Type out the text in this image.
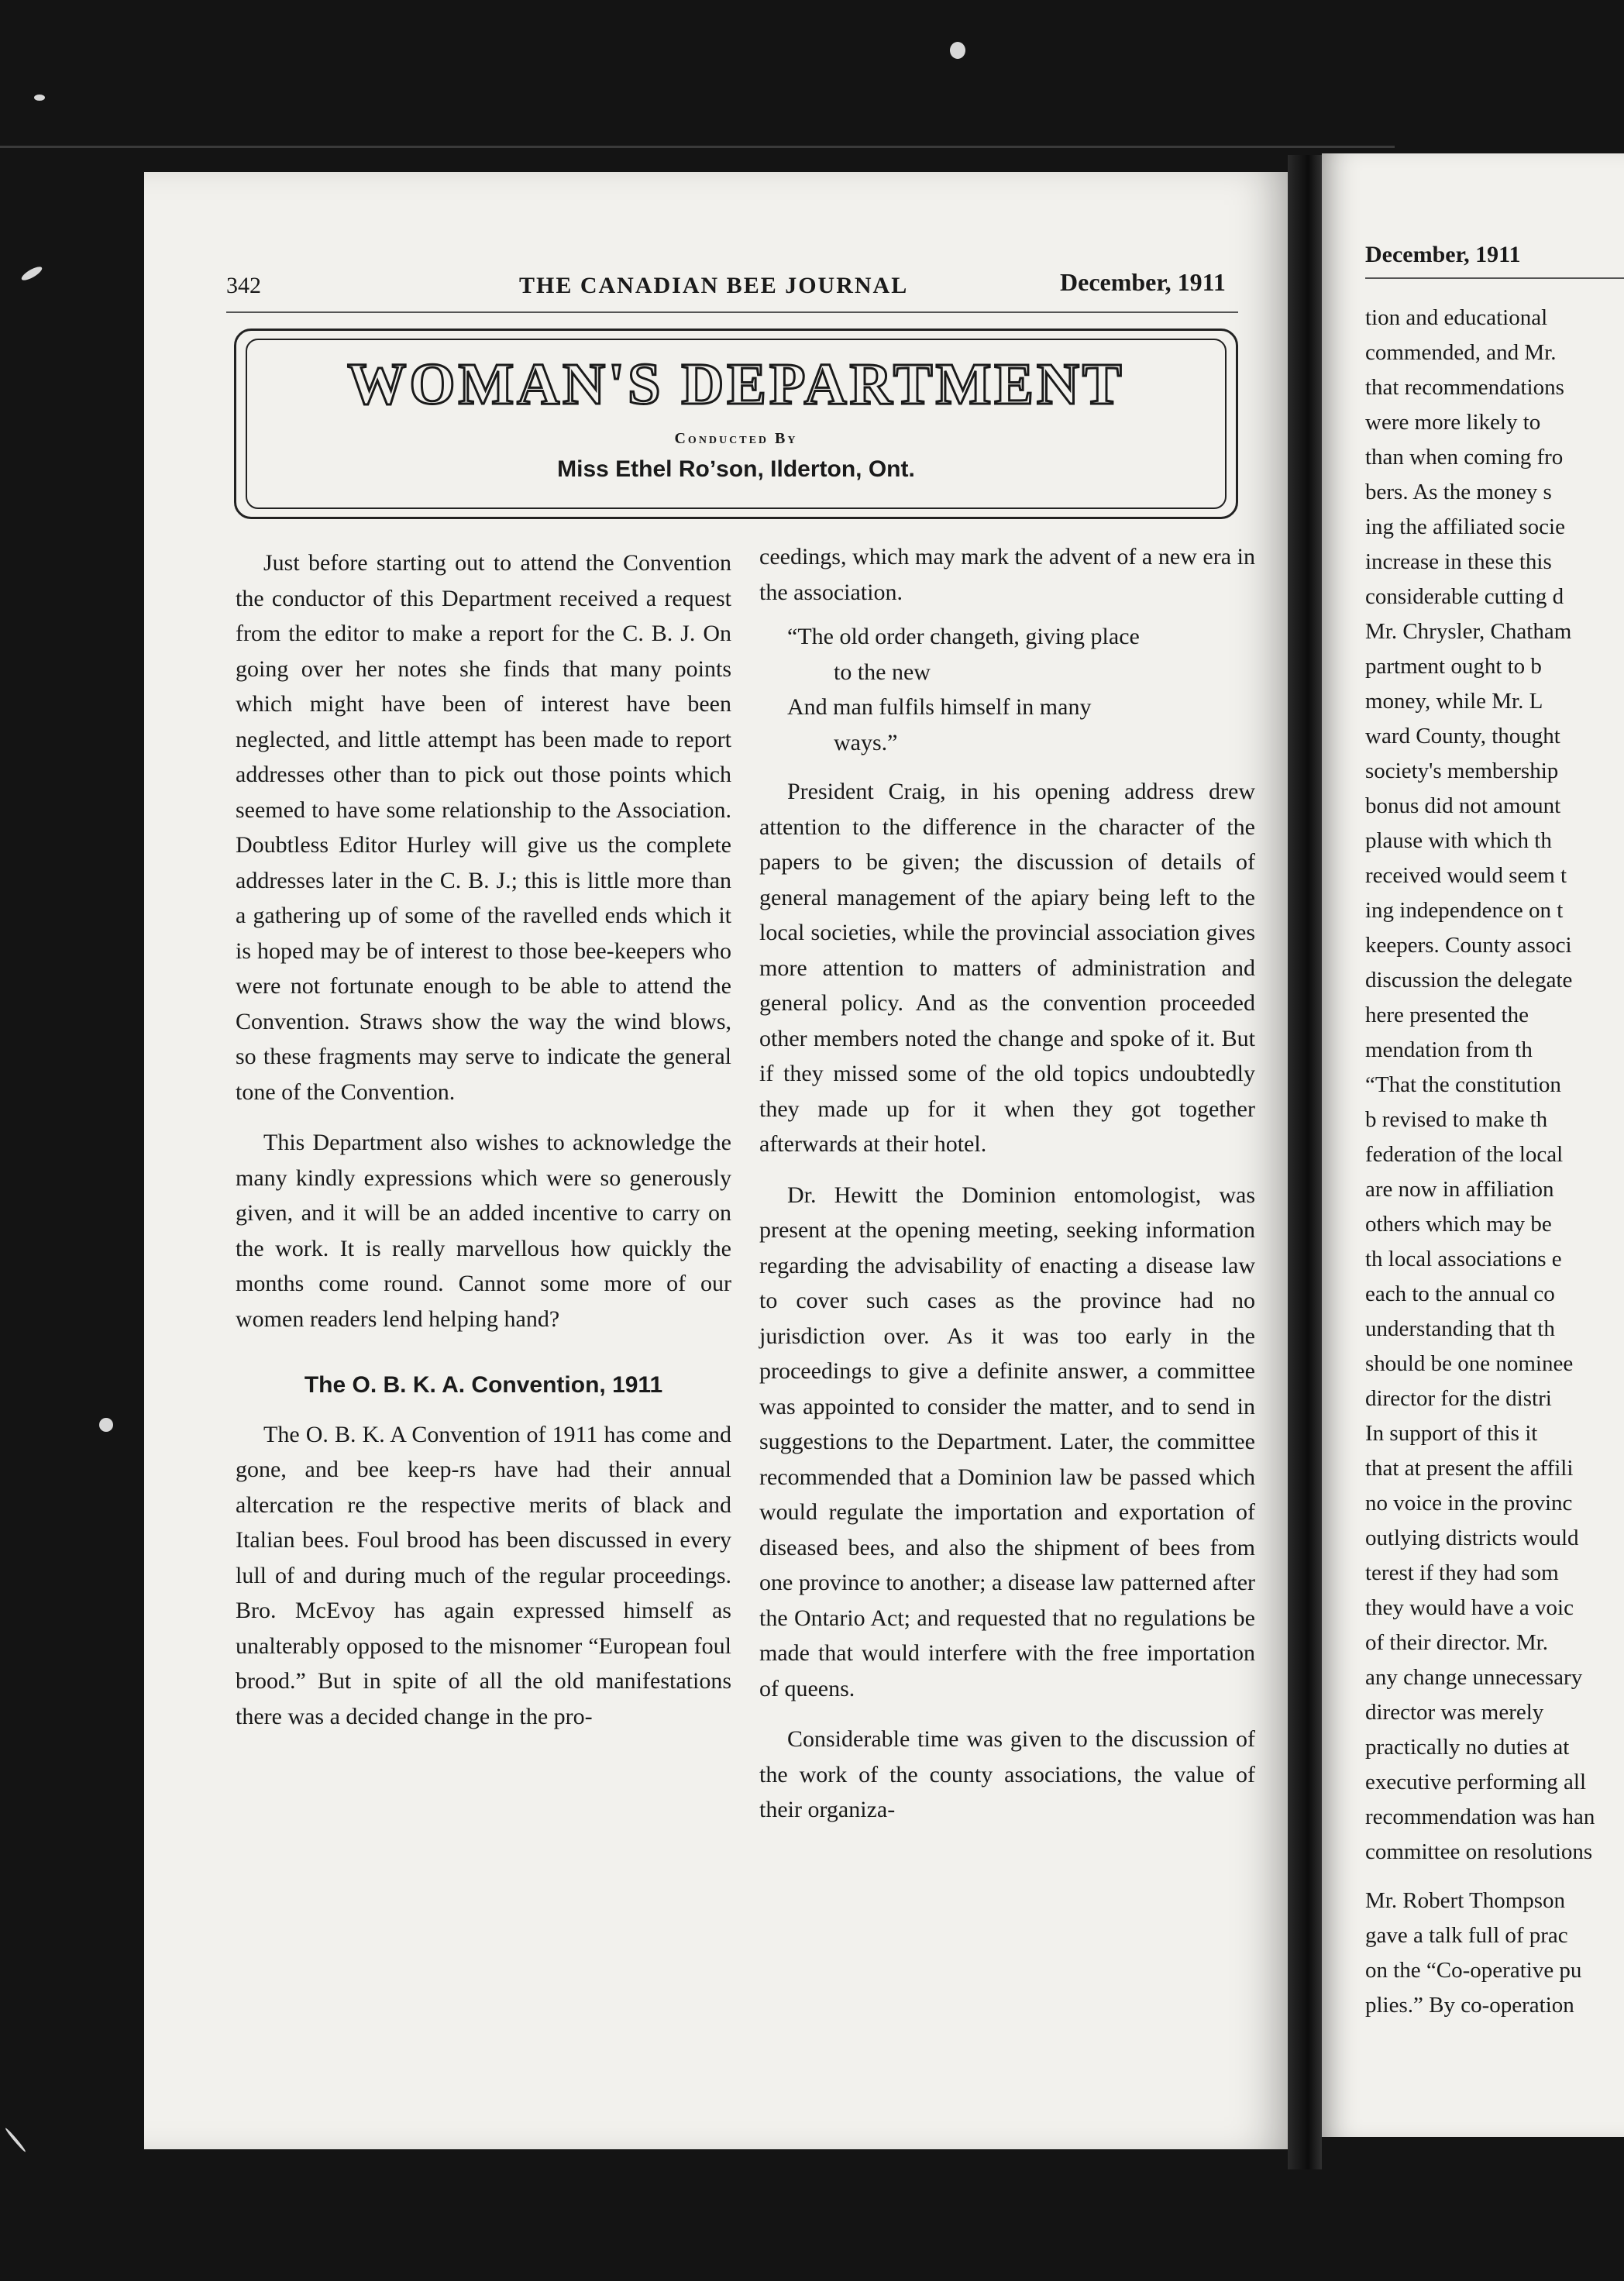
342	THE CANADIAN BEE JOURNAL	December, 1911
WOMAN'S DEPARTMENT
Conducted By
Miss Ethel Roʼson, Ilderton, Ont.

Just before starting out to attend the Convention the conductor of this Department received a request from the editor to make a report for the C. B. J. On going over her notes she finds that many points which might have been of interest have been neglected, and little attempt has been made to report addresses other than to pick out those points which seemed to have some relationship to the Association. Doubtless Editor Hurley will give us the complete addresses later in the C. B. J.; this is little more than a gathering up of some of the ravelled ends which it is hoped may be of interest to those bee-keepers who were not fortunate enough to be able to attend the Convention. Straws show the way the wind blows, so these fragments may serve to indicate the general tone of the Convention.

This Department also wishes to acknowledge the many kindly expressions which were so generously given, and it will be an added incentive to carry on the work. It is really marvellous how quickly the months come round. Cannot some more of our women readers lend helping hand?

The O. B. K. A. Convention, 1911

The O. B. K. A Convention of 1911 has come and gone, and bee keep-rs have had their annual altercation re the respective merits of black and Italian bees. Foul brood has been discussed in every lull of and during much of the regular proceedings. Bro. McEvoy has again expressed himself as unalterably opposed to the misnomer “European foul brood.” But in spite of all the old manifestations there was a decided change in the pro-

ceedings, which may mark the advent of a new era in the association.

“The old order changeth, giving place
to the new
And man fulfils himself in many
ways.”

President Craig, in his opening address drew attention to the difference in the character of the papers to be given; the discussion of details of general management of the apiary being left to the local societies, while the provincial association gives more attention to matters of administration and general policy. And as the convention proceeded other members noted the change and spoke of it. But if they missed some of the old topics undoubtedly they made up for it when they got together afterwards at their hotel.

Dr. Hewitt the Dominion entomologist, was present at the opening meeting, seeking information regarding the advisability of enacting a disease law to cover such cases as the province had no jurisdiction over. As it was too early in the proceedings to give a definite answer, a committee was appointed to consider the matter, and to send in suggestions to the Department. Later, the committee recommended that a Dominion law be passed which would regulate the importation and exportation of diseased bees, and also the shipment of bees from one province to another; a disease law patterned after the Ontario Act; and requested that no regulations be made that would interfere with the free importation of queens.

Considerable time was given to the discussion of the work of the county associations, the value of their organiza-

December, 1911
tion and educational
commended, and Mr.
that recommendations
were more likely to
than when coming fro
bers. As the money s
ing the affiliated socie
increase in these this
considerable cutting d
Mr. Chrysler, Chatham
partment ought to b
money, while Mr. L
ward County, thought
society's membership
bonus did not amount
plause with which th
received would seem t
ing independence on t
keepers. County associ
discussion the delegate
here presented the
mendation from th
“That the constitution
b revised to make th
federation of the local
are now in affiliation
others which may be
th local associations e
each to the annual co
understanding that th
should be one nominee
director for the distri
In support of this it
that at present the affili
no voice in the provinc
outlying districts would
terest if they had som
they would have a voic
of their director. Mr.
any change unnecessary
director was merely
practically no duties at
executive performing all
recommendation was han
committee on resolutions
Mr. Robert Thompson
gave a talk full of prac
on the “Co-operative pu
plies.” By co-operation
